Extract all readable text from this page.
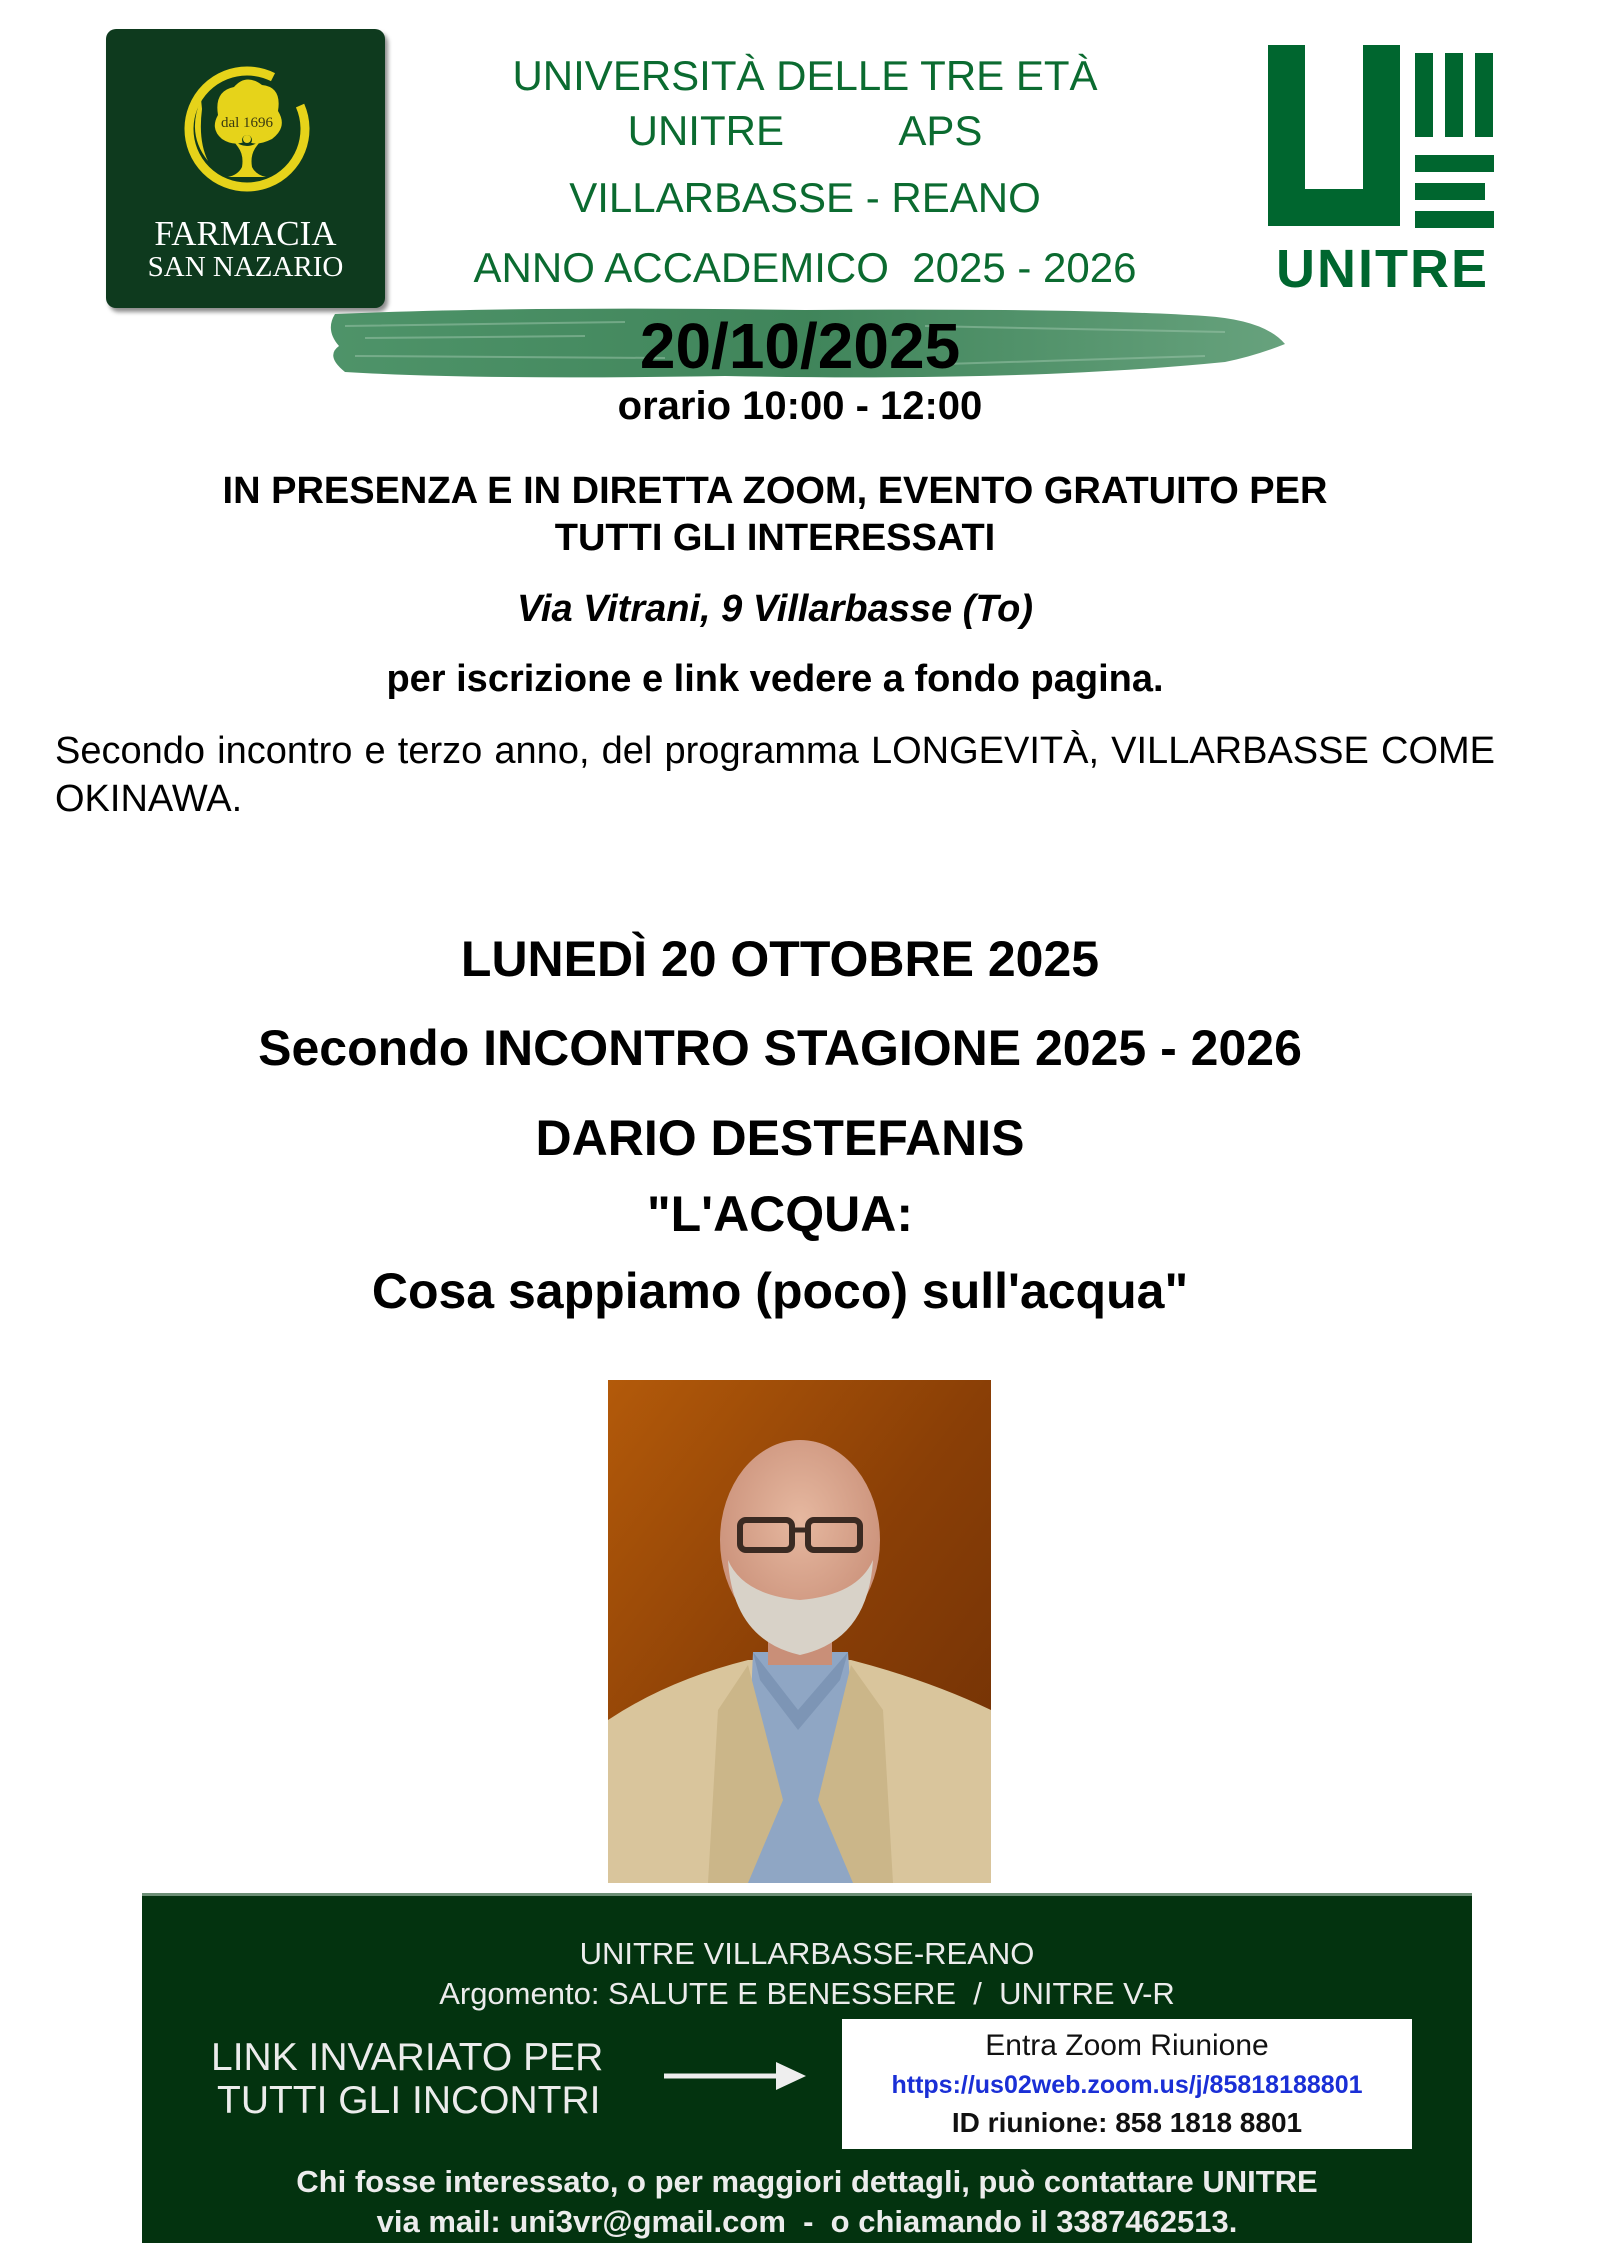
dal 1696
FARMACIA
SAN NAZARIO
UNIVERSITÀ DELLE TRE ETÀ
UNITRE          APS
VILLARBASSE - REANO
ANNO ACCADEMICO  2025 - 2026	UNITRE
20/10/2025
orario 10:00 - 12:00
IN PRESENZA E IN DIRETTA ZOOM, EVENTO GRATUITO PER
TUTTI GLI INTERESSATI
Via Vitrani, 9 Villarbasse (To)
per iscrizione e link vedere a fondo pagina.
Secondo incontro e terzo anno, del programma LONGEVITÀ, VILLARBASSE COME OKINAWA.
LUNEDÌ 20 OTTOBRE 2025
Secondo INCONTRO STAGIONE 2025 - 2026
DARIO DESTEFANIS
"L'ACQUA:
Cosa sappiamo (poco) sull'acqua"
UNITRE VILLARBASSE-REANO
Argomento: SALUTE E BENESSERE  /  UNITRE V-R
LINK INVARIATO PER
TUTTI GLI INCONTRI
Entra Zoom Riunione
https://us02web.zoom.us/j/85818188801
ID riunione: 858 1818 8801
Chi fosse interessato, o per maggiori dettagli, può contattare UNITRE
via mail: uni3vr@gmail.com  -  o chiamando il 3387462513.
